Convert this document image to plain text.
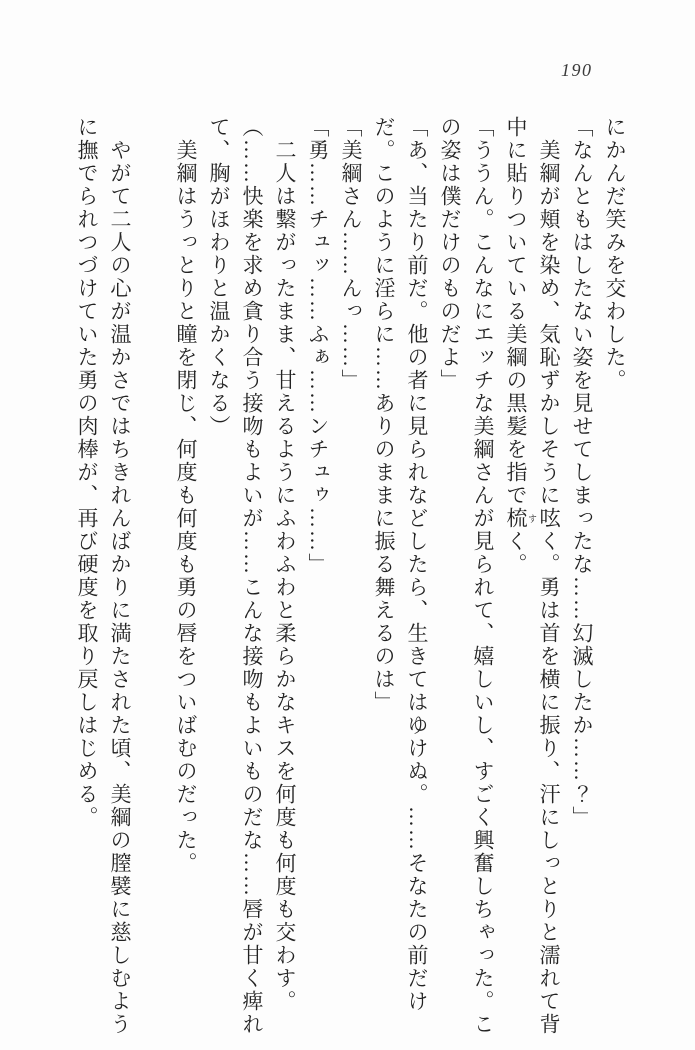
190

にかんだ笑みを交わした。

「なんともはしたない姿を見せてしまったな……幻滅したか……？」

美綱が頬を染め、気恥ずかしそうに呟く。勇は首を横に振り、汗にしっとりと濡れて背中に貼りついている美綱の黒髪を指で梳 すく。

「ううん。こんなにエッチな美綱さんが見られて、嬉しいし、すごく興奮しちゃった。この姿は僕だけのものだよ」

「あ、当たり前だ。他の者に見られなどしたら、生きてはゆけぬ。……そなたの前だけだ。このように淫らに……ありのままに振る舞えるのは」

「美綱さん……んっ……」

「勇……チュッ……ふぁ……ンチュゥ……」

二人は繋がったまま、甘えるようにふわふわと柔らかなキスを何度も何度も交わす。

（……快楽を求め貪り合う接吻もよいが……こんな接吻もよいものだな……唇が甘く痺れて、胸がほわりと温かくなる）

美綱はうっとりと瞳を閉じ、何度も何度も勇の唇をついばむのだった。

やがて二人の心が温かさではちきれんばかりに満たされた頃、美綱の膣襞に慈しむように撫でられつづけていた勇の肉棒が、再び硬度を取り戻しはじめる。
